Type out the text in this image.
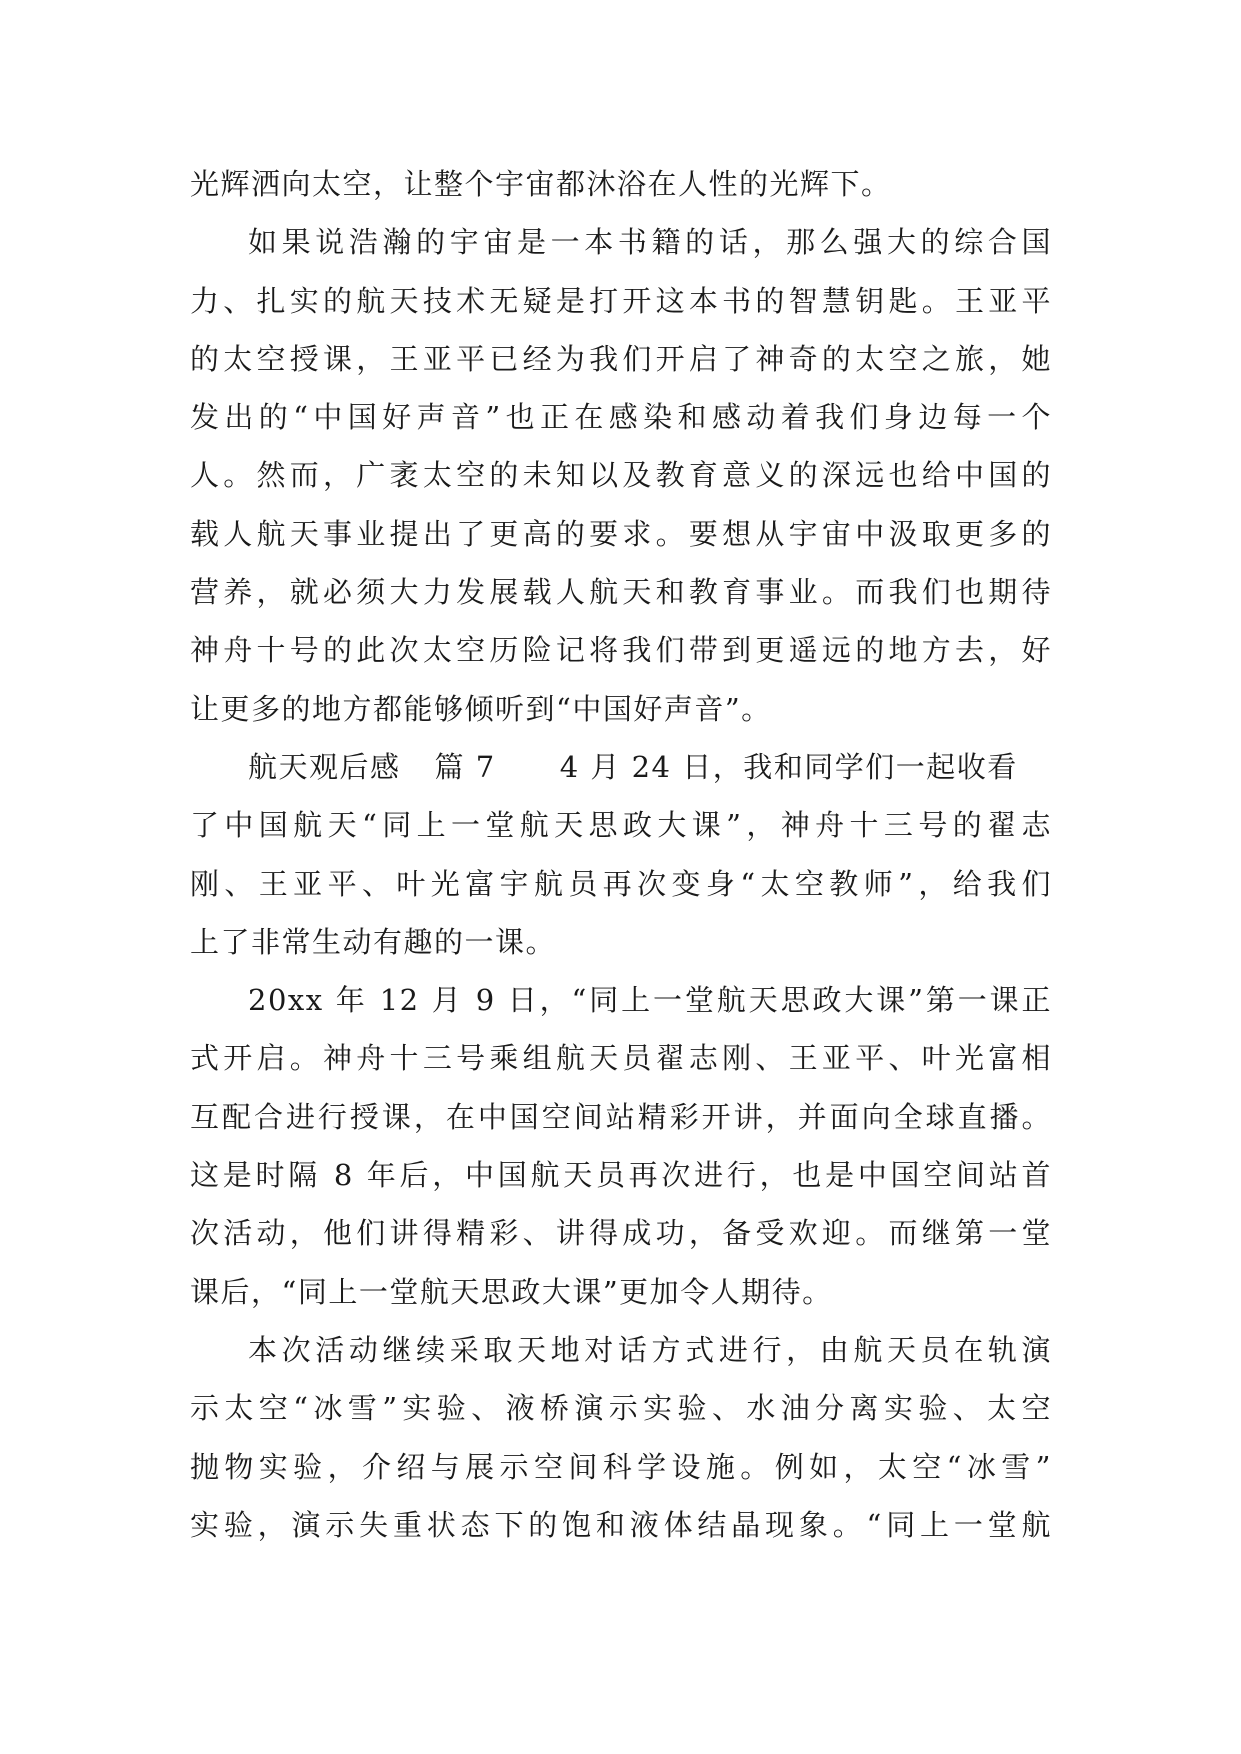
光辉洒向太空，让整个宇宙都沐浴在人性的光辉下。
如果说浩瀚的宇宙是一本书籍的话，那么强大的综合国
力、扎实的航天技术无疑是打开这本书的智慧钥匙。王亚平
的太空授课，王亚平已经为我们开启了神奇的太空之旅，她
发出的“中国好声音”也正在感染和感动着我们身边每一个
人。然而，广袤太空的未知以及教育意义的深远也给中国的
载人航天事业提出了更高的要求。要想从宇宙中汲取更多的
营养，就必须大力发展载人航天和教育事业。而我们也期待
神舟十号的此次太空历险记将我们带到更遥远的地方去，好
让更多的地方都能够倾听到“中国好声音”。
航天观后感 篇 7 4 月 24 日，我和同学们一起收看
了中国航天“同上一堂航天思政大课”，神舟十三号的翟志
刚、王亚平、叶光富宇航员再次变身“太空教师”，给我们
上了非常生动有趣的一课。
20xx 年 12 月 9 日，“同上一堂航天思政大课”第一课正
式开启。神舟十三号乘组航天员翟志刚、王亚平、叶光富相
互配合进行授课，在中国空间站精彩开讲，并面向全球直播。
这是时隔 8 年后，中国航天员再次进行，也是中国空间站首
次活动，他们讲得精彩、讲得成功，备受欢迎。而继第一堂
课后，“同上一堂航天思政大课”更加令人期待。
本次活动继续采取天地对话方式进行，由航天员在轨演
示太空“冰雪”实验、液桥演示实验、水油分离实验、太空
抛物实验，介绍与展示空间科学设施。例如，太空“冰雪”
实验，演示失重状态下的饱和液体结晶现象。“同上一堂航
